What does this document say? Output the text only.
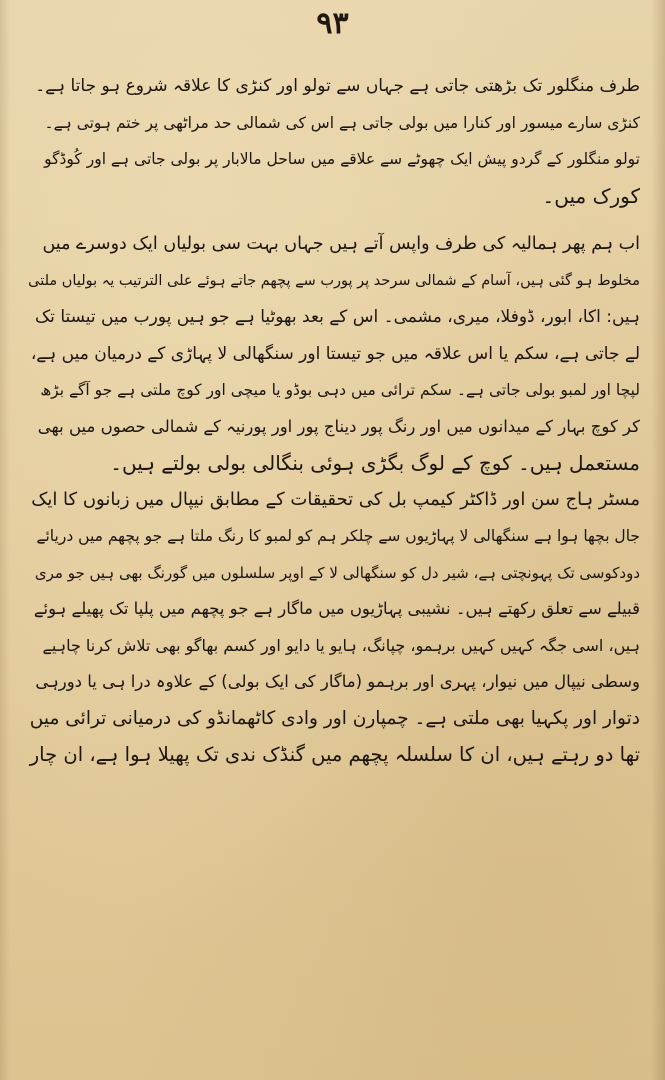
۹۳
طرف منگلور تک بڑھتی جاتی ہے جہاں سے تولو اور کنڑی کا علاقہ شروع ہو جاتا ہے۔
کنڑی سارے میسور اور کنارا میں بولی جاتی ہے اس کی شمالی حد مراٹھی پر ختم ہوتی ہے۔
تولو منگلور کے گردو پیش ایک چھوٹے سے علاقے میں ساحل مالابار پر بولی جاتی ہے اور کُوڈگو
کورک میں۔
اب ہم پھر ہمالیہ کی طرف واپس آتے ہیں جہاں بہت سی بولیاں ایک دوسرے میں
مخلوط ہو گئی ہیں، آسام کے شمالی سرحد پر پورب سے پچھم جاتے ہوئے علی الترتیب یہ بولیاں ملتی
ہیں: اکا، ابور، ڈوفلا، میری، مشمی۔ اس کے بعد بھوٹیا ہے جو ہیں پورب میں تیستا تک
لے جاتی ہے، سکم یا اس علاقہ میں جو تیستا اور سنگھالی لا پہاڑی کے درمیان میں ہے،
لپچا اور لمبو بولی جاتی ہے۔ سکم ترائی میں دہی بوڈو یا میچی اور کوچ ملتی ہے جو آگے بڑھ
کر کوچ بہار کے میدانوں میں اور رنگ پور دیناج پور اور پورنیہ کے شمالی حصوں میں بھی
مستعمل ہیں۔ کوچ کے لوگ بگڑی ہوئی بنگالی بولی بولتے ہیں۔
مسٹر ہاج سن اور ڈاکٹر کیمپ بل کی تحقیقات کے مطابق نیپال میں زبانوں کا ایک
جال بچھا ہوا ہے سنگھالی لا پہاڑیوں سے چلکر ہم کو لمبو کا رنگ ملتا ہے جو پچھم میں دریائے
دودکوسی تک پہونچتی ہے، شیر دل کو سنگھالی لا کے اوپر سلسلوں میں گورنگ بھی ہیں جو مری
قبیلے سے تعلق رکھتے ہیں۔ نشیبی پہاڑیوں میں ماگار ہے جو پچھم میں پلپا تک پھیلے ہوئے
ہیں، اسی جگہ کہیں کہیں برہمو، چپانگ، ہایو یا دایو اور کسم بھاگو بھی تلاش کرنا چاہیے
وسطی نیپال میں نیوار، پہری اور برہمو (ماگار کی ایک بولی) کے علاوہ درا ہی یا دورہی
دتوار اور پکہیا بھی ملتی ہے۔ چمپارن اور وادی کاٹھمانڈو کی درمیانی ترائی میں
تھا دو رہتے ہیں، ان کا سلسلہ پچھم میں گنڈک ندی تک پھیلا ہوا ہے، ان چار
